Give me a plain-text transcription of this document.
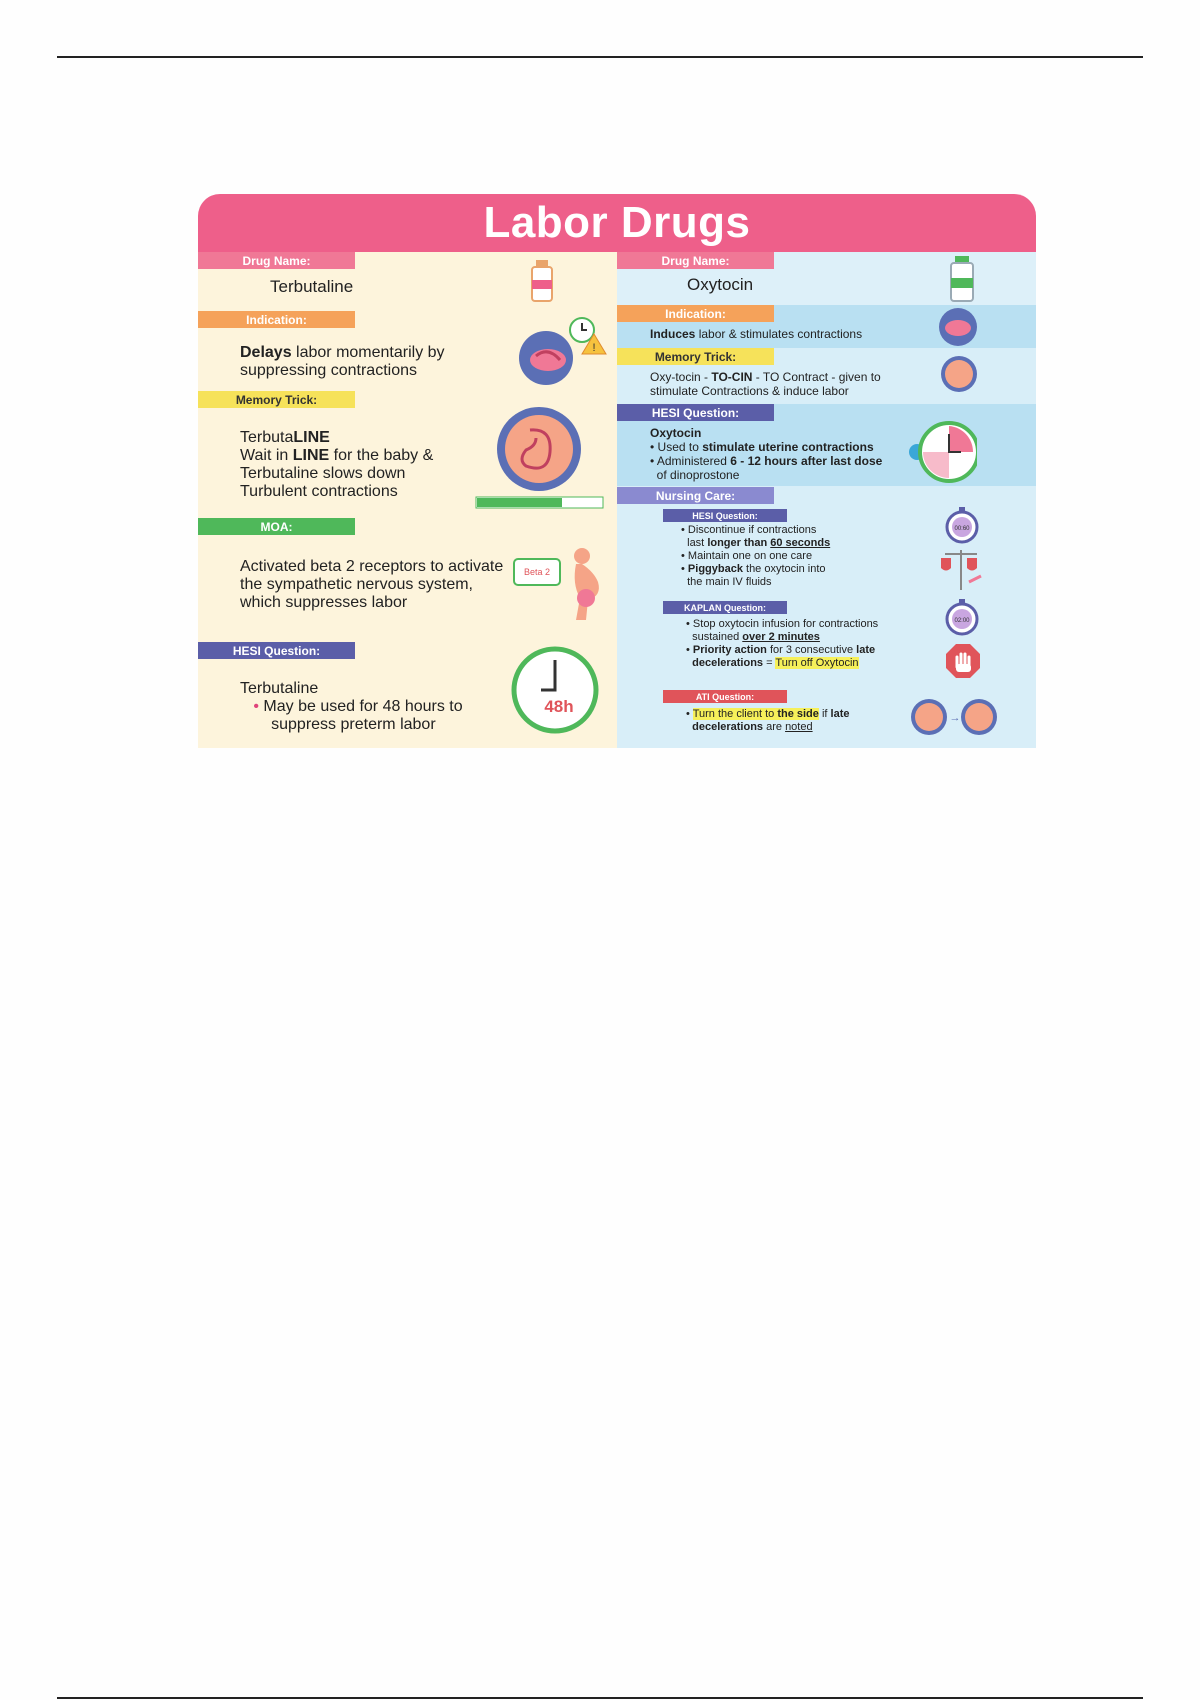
Labor Drugs
Drug Name:
Terbutaline
Indication:
Delays labor momentarily by
suppressing contractions
!
Memory Trick:
TerbutaLINE
Wait in LINE for the baby &
Terbutaline slows down
Turbulent contractions
MOA:
Activated beta 2 receptors to activate
the sympathetic nervous system,
which suppresses labor
Beta 2
HESI Question:
Terbutaline
• May be used for 48 hours to
suppress preterm labor
48h
Drug Name:
Oxytocin
Indication:
Induces labor & stimulates contractions
Memory Trick:
Oxy-tocin - TO-CIN - TO Contract - given to
stimulate Contractions & induce labor
HESI Question:
Oxytocin
• Used to stimulate uterine contractions
• Administered 6 - 12 hours after last dose
of dinoprostone
Nursing Care:
HESI Question:
• Discontinue if contractions
last longer than 60 seconds
• Maintain one on one care
• Piggyback the oxytocin into
the main IV fluids
00:60
KAPLAN Question:
• Stop oxytocin infusion for contractions
sustained over 2 minutes
• Priority action for 3 consecutive late
decelerations = Turn off Oxytocin
02:00
ATI Question:
• Turn the client to the side if late
decelerations are noted
→
